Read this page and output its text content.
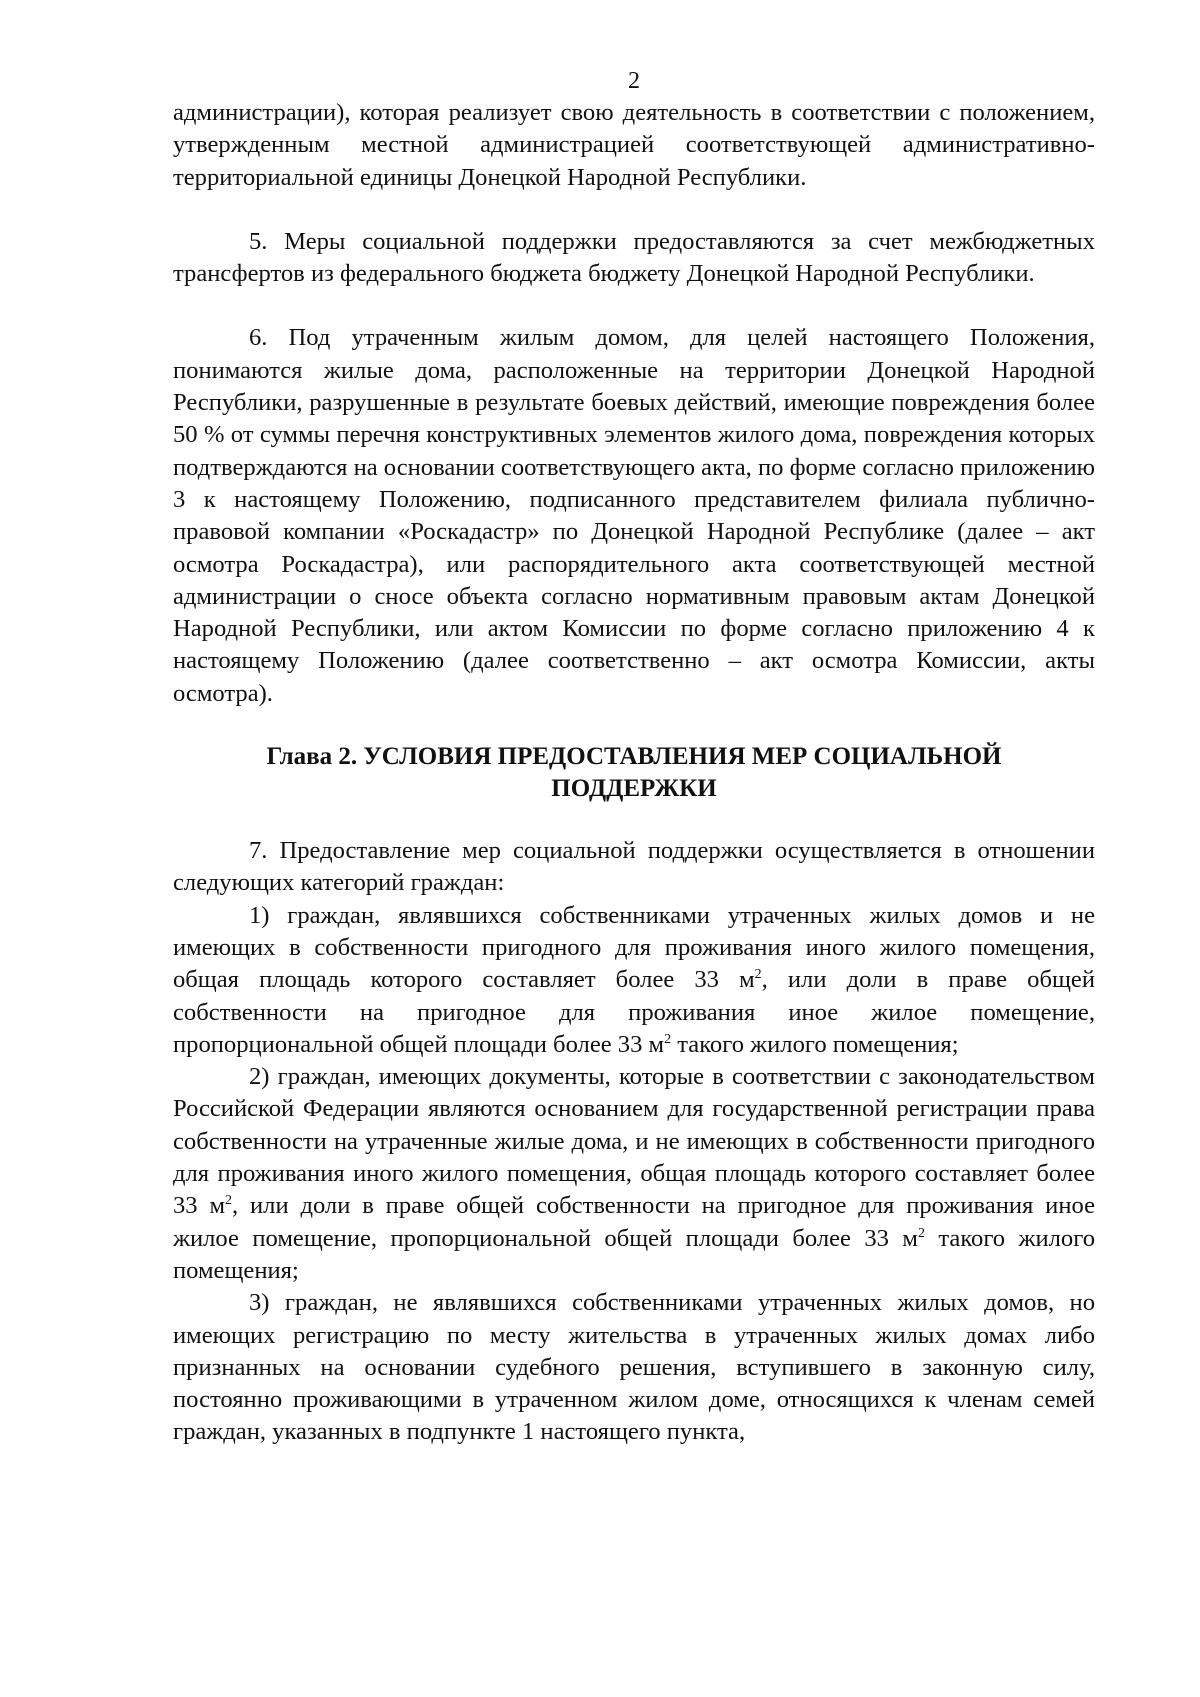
2

администрации), которая реализует свою деятельность в соответствии с положением, утвержденным местной администрацией соответствующей административно-территориальной единицы Донецкой Народной Республики.

5. Меры социальной поддержки предоставляются за счет межбюджетных трансфертов из федерального бюджета бюджету Донецкой Народной Республики.

6. Под утраченным жилым домом, для целей настоящего Положения, понимаются жилые дома, расположенные на территории Донецкой Народной Республики, разрушенные в результате боевых действий, имеющие повреждения более 50 % от суммы перечня конструктивных элементов жилого дома, повреждения которых подтверждаются на основании соответствующего акта, по форме согласно приложению 3 к настоящему Положению, подписанного представителем филиала публично-правовой компании «Роскадастр» по Донецкой Народной Республике (далее – акт осмотра Роскадастра), или распорядительного акта соответствующей местной администрации о сносе объекта согласно нормативным правовым актам Донецкой Народной Республики, или актом Комиссии по форме согласно приложению 4 к настоящему Положению (далее соответственно – акт осмотра Комиссии, акты осмотра).

Глава 2. УСЛОВИЯ ПРЕДОСТАВЛЕНИЯ МЕР СОЦИАЛЬНОЙ
ПОДДЕРЖКИ

7. Предоставление мер социальной поддержки осуществляется в отношении следующих категорий граждан:

1) граждан, являвшихся собственниками утраченных жилых домов и не имеющих в собственности пригодного для проживания иного жилого помещения, общая площадь которого составляет более 33 $м^2$, или доли в праве общей собственности на пригодное для проживания иное жилое помещение, пропорциональной общей площади более 33 $м^2$ такого жилого помещения;

2) граждан, имеющих документы, которые в соответствии с законодательством Российской Федерации являются основанием для государственной регистрации права собственности на утраченные жилые дома, и не имеющих в собственности пригодного для проживания иного жилого помещения, общая площадь которого составляет более 33 $м^2$, или доли в праве общей собственности на пригодное для проживания иное жилое помещение, пропорциональной общей площади более 33 $м^2$ такого жилого помещения;

3) граждан, не являвшихся собственниками утраченных жилых домов, но имеющих регистрацию по месту жительства в утраченных жилых домах либо признанных на основании судебного решения, вступившего в законную силу, постоянно проживающими в утраченном жилом доме, относящихся к членам семей граждан, указанных в подпункте 1 настоящего пункта,
